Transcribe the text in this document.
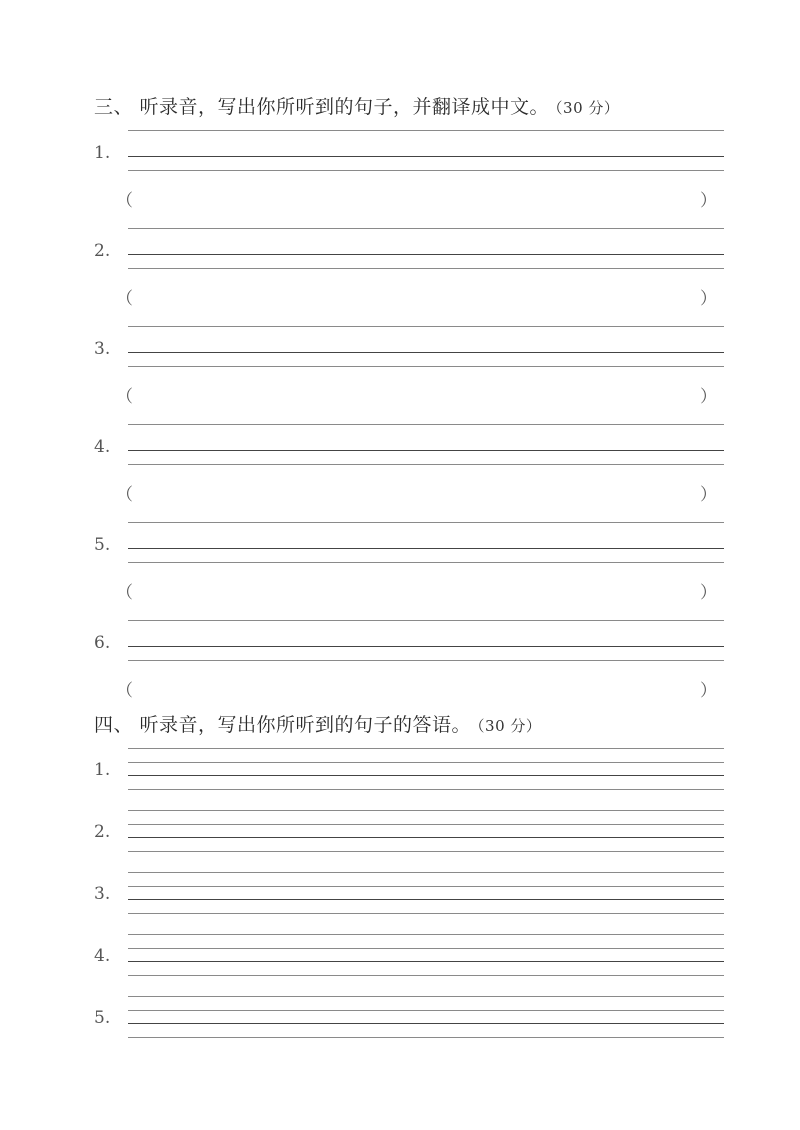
三、 听录音，写出你所听到的句子，并翻译成中文。 （30 分）
1.
（	）
2.
（	）
3.
（	）
4.
（	）
5.
（	）
6.
（	）
四、 听录音，写出你所听到的句子的答语。 （30 分）
1.
2.
3.
4.
5.
